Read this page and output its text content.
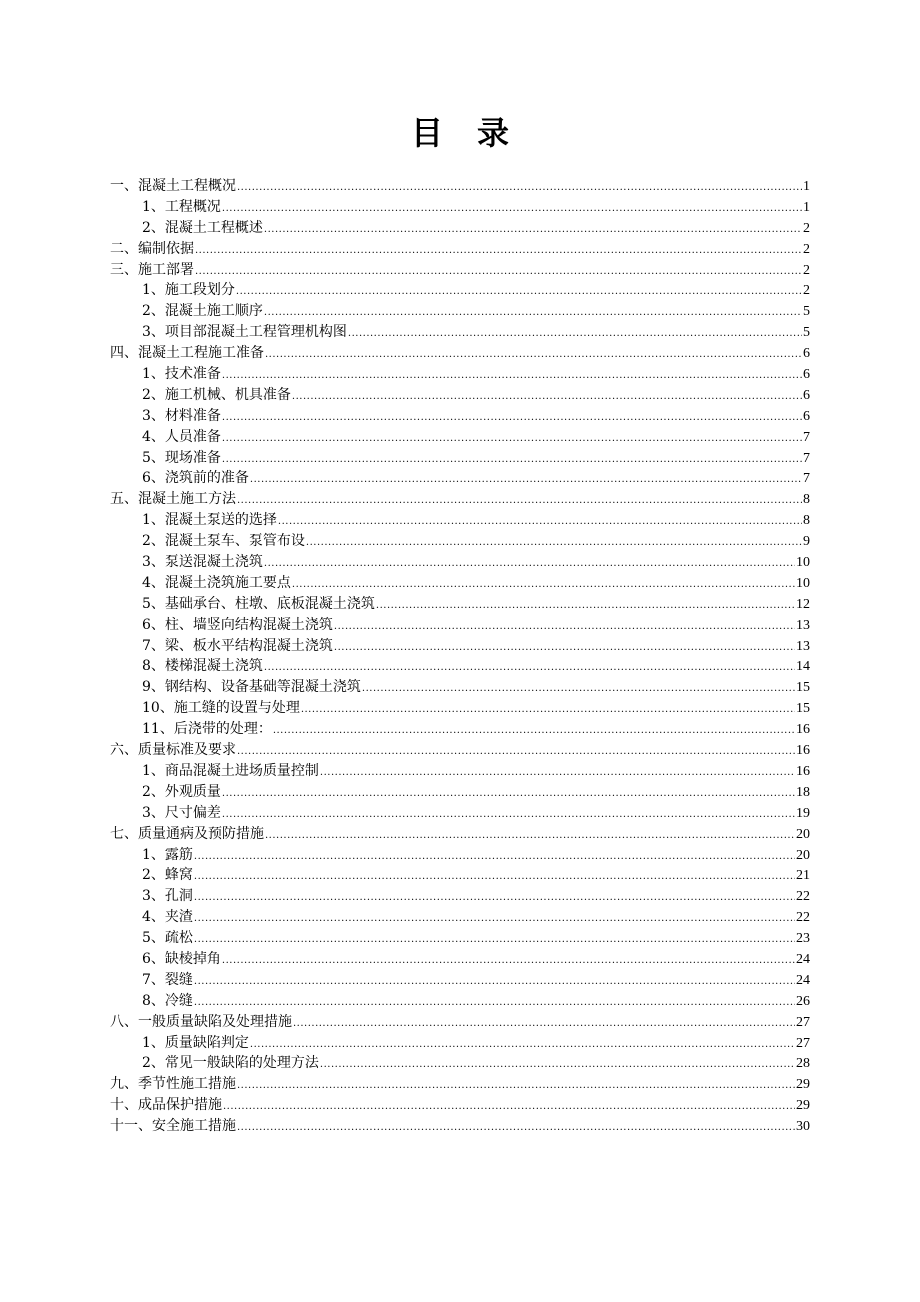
目录
一、混凝土工程概况 .....	1
1、工程概况 .....	1
2、混凝土工程概述 .....	2
二、编制依据 .....	2
三、施工部署 .....	2
1、施工段划分 .....	2
2、混凝土施工顺序 .....	5
3、项目部混凝土工程管理机构图 .....	5
四、混凝土工程施工准备 .....	6
1、技术准备 .....	6
2、施工机械、机具准备 .....	6
3、材料准备 .....	6
4、人员准备 .....	7
5、现场准备 .....	7
6、浇筑前的准备 .....	7
五、混凝土施工方法 .....	8
1、混凝土泵送的选择 .....	8
2、混凝土泵车、泵管布设 .....	9
3、泵送混凝土浇筑 .....	10
4、混凝土浇筑施工要点 .....	10
5、基础承台、柱墩、底板混凝土浇筑 .....	12
6、柱、墙竖向结构混凝土浇筑 .....	13
7、梁、板水平结构混凝土浇筑 .....	13
8、楼梯混凝土浇筑 .....	14
9、钢结构、设备基础等混凝土浇筑 .....	15
10、施工缝的设置与处理 .....	15
11、后浇带的处理： .....	16
六、质量标准及要求 .....	16
1、商品混凝土进场质量控制 .....	16
2、外观质量 .....	18
3、尺寸偏差 .....	19
七、质量通病及预防措施 .....	20
1、露筋 .....	20
2、蜂窝 .....	21
3、孔洞 .....	22
4、夹渣 .....	22
5、疏松 .....	23
6、缺棱掉角 .....	24
7、裂缝 .....	24
8、冷缝 .....	26
八、一般质量缺陷及处理措施 .....	27
1、质量缺陷判定 .....	27
2、常见一般缺陷的处理方法 .....	28
九、季节性施工措施 .....	29
十、成品保护措施 .....	29
十一、安全施工措施 .....	30
